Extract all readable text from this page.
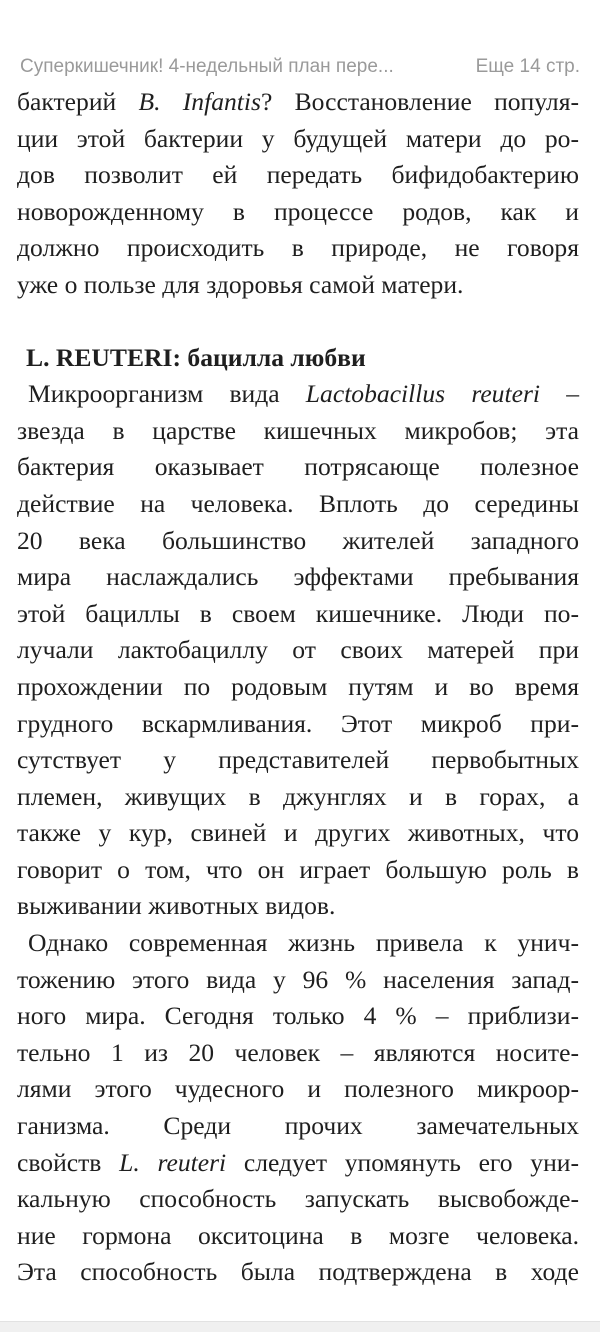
Суперкишечник! 4-недельный план пере...	Еще 14 стр.

бактерий B. Infantis? Восстановление популя-
ции этой бактерии у будущей матери до ро-
дов позволит ей передать бифидобактерию
новорожденному в процессе родов, как и
должно происходить в природе, не говоря
уже о пользе для здоровья самой матери.

L. REUTERI: бацилла любви

Микроорганизм вида Lactobacillus reuteri –
звезда в царстве кишечных микробов; эта
бактерия оказывает потрясающе полезное
действие на человека. Вплоть до середины
20 века большинство жителей западного
мира наслаждались эффектами пребывания
этой бациллы в своем кишечнике. Люди по-
лучали лактобациллу от своих матерей при
прохождении по родовым путям и во время
грудного вскармливания. Этот микроб при-
сутствует у представителей первобытных
племен, живущих в джунглях и в горах, а
также у кур, свиней и других животных, что
говорит о том, что он играет большую роль в
выживании животных видов.

Однако современная жизнь привела к унич-
тожению этого вида у 96 % населения запад-
ного мира. Сегодня только 4 % – приблизи-
тельно 1 из 20 человек – являются носите-
лями этого чудесного и полезного микроор-
ганизма. Среди прочих замечательных
свойств L. reuteri следует упомянуть его уни-
кальную способность запускать высвобожде-
ние гормона окситоцина в мозге человека.
Эта способность была подтверждена в ходе
